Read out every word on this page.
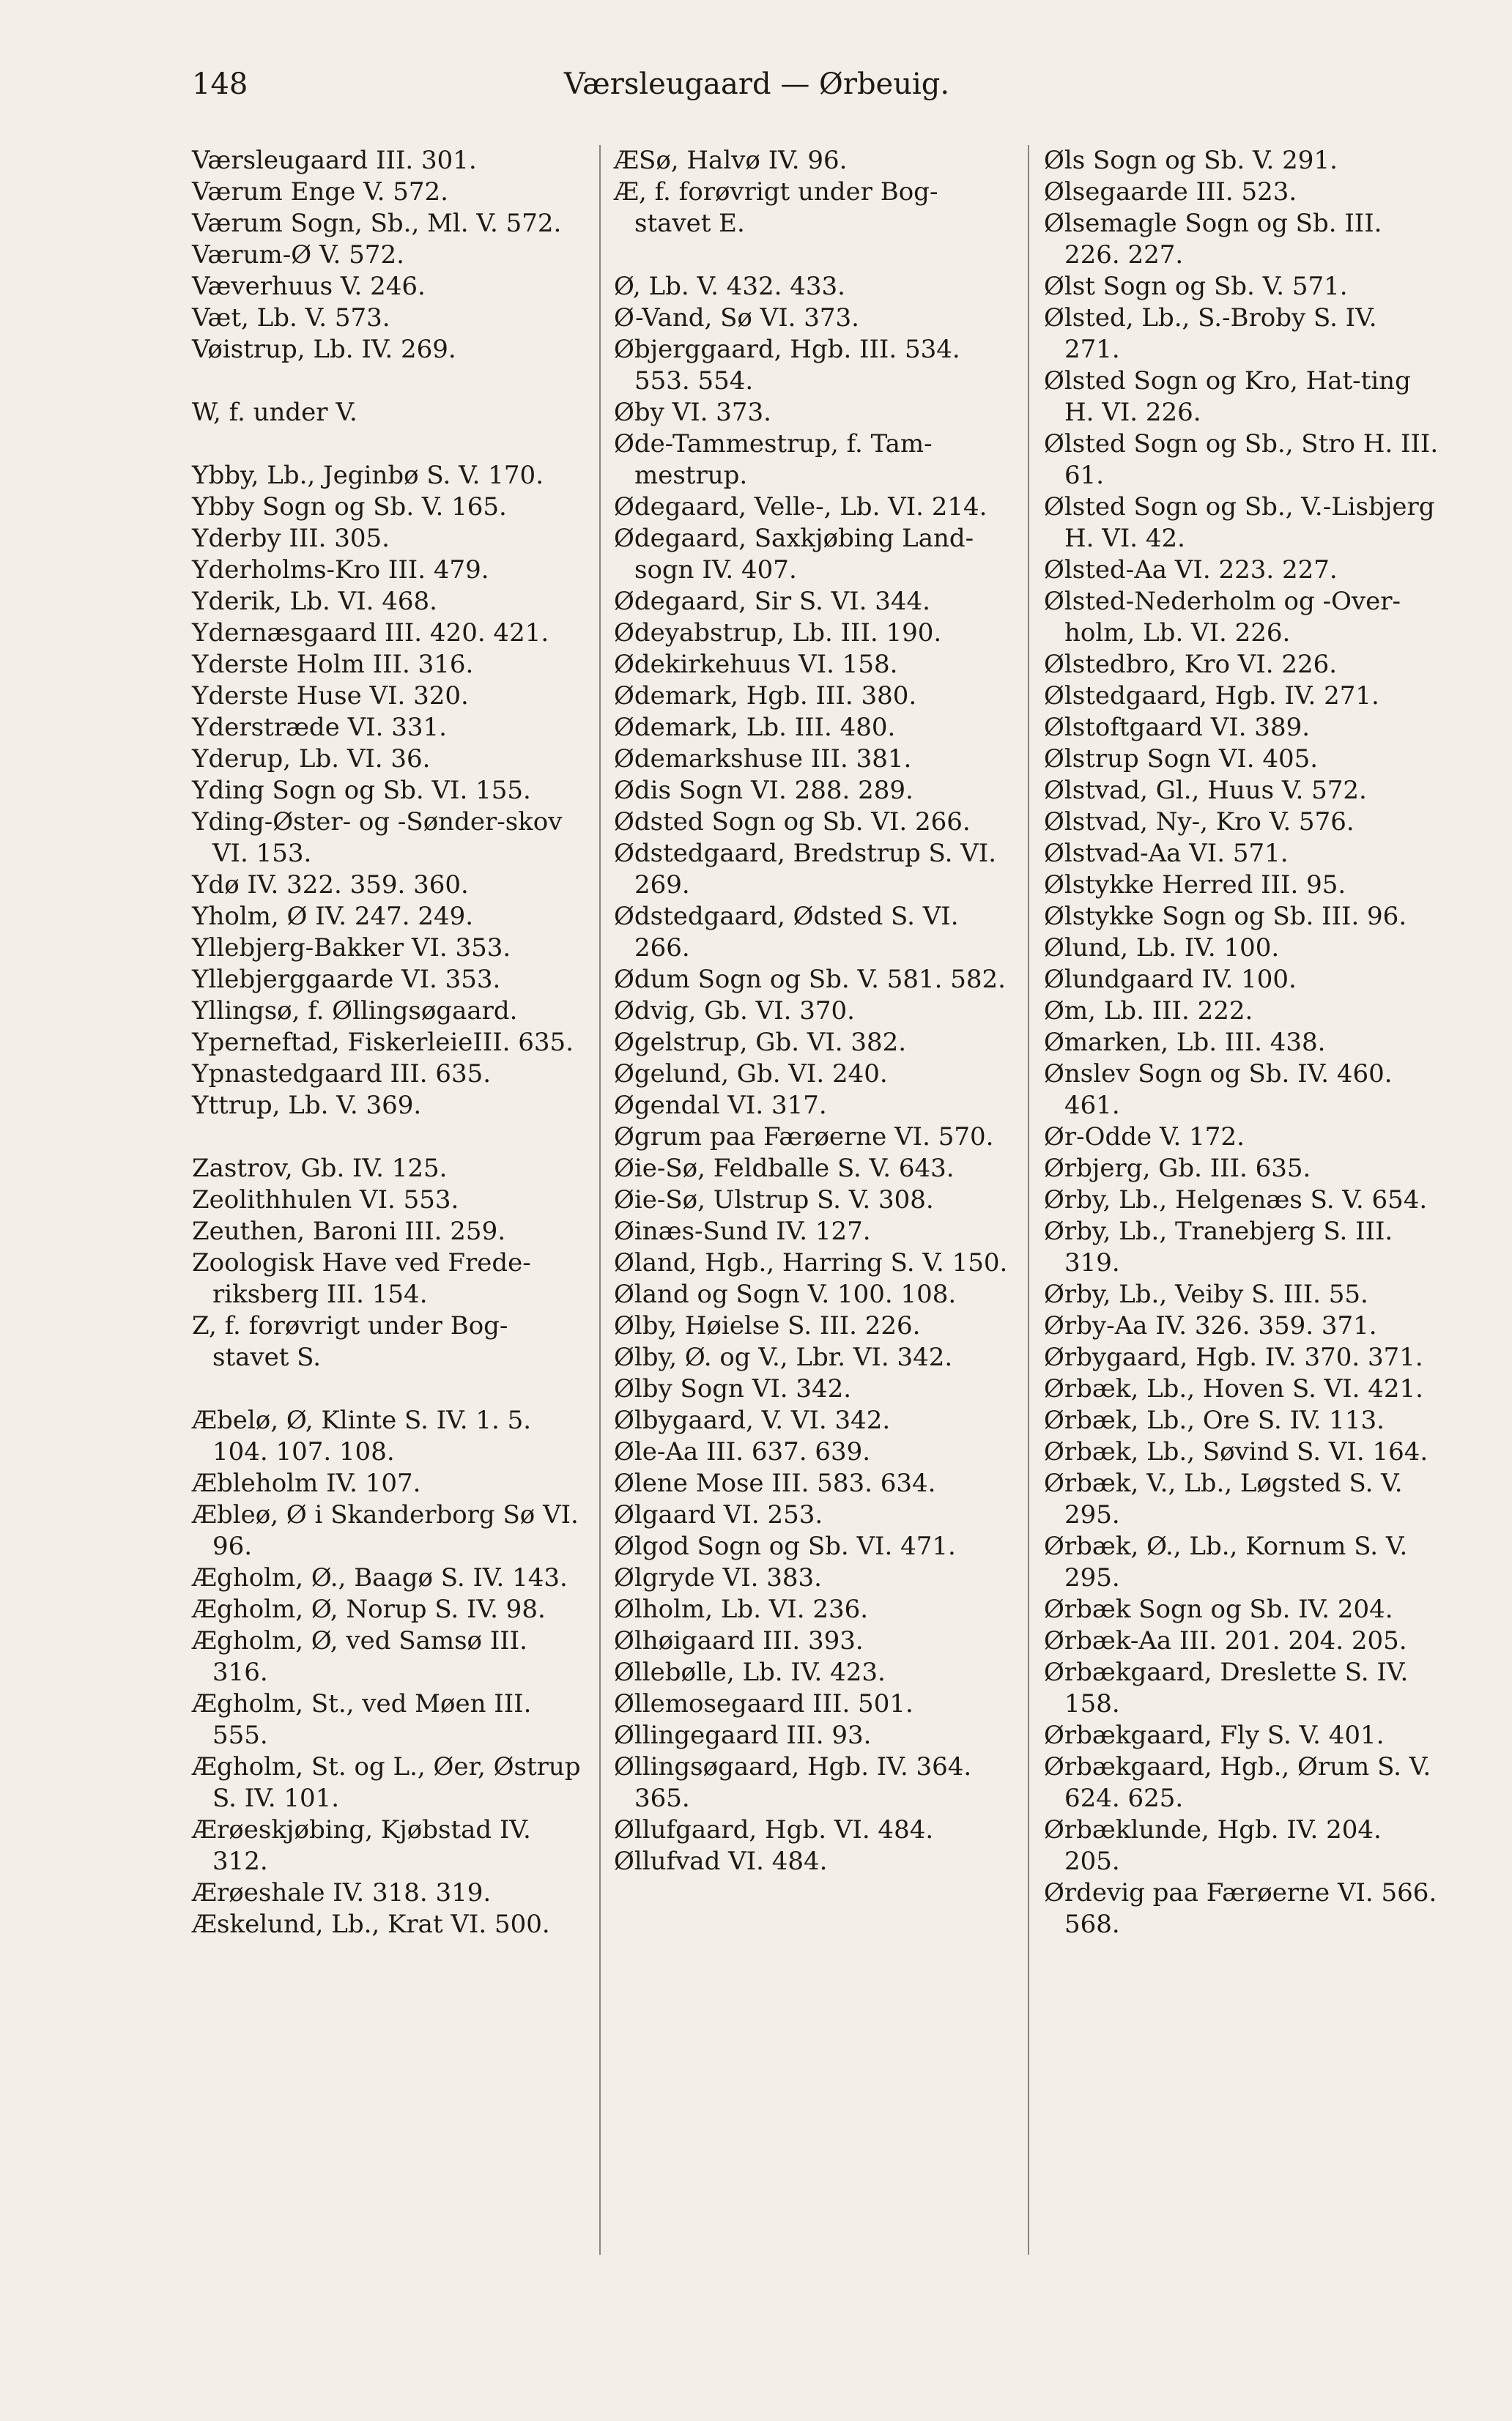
148	Værsleugaard — Ørbeuig.

Værsleugaard III. 301.

Værum Enge V. 572.

Værum Sogn, Sb., Ml. V. 572.

Værum-Ø V. 572.

Væverhuus V. 246.

Væt, Lb. V. 573.

Vøistrup, Lb. IV. 269.

W, f. under V.

Ybby, Lb., Jeginbø S. V. 170.

Ybby Sogn og Sb. V. 165.

Yderby III. 305.

Yderholms-Kro III. 479.

Yderik, Lb. VI. 468.

Ydernæsgaard III. 420. 421.

Yderste Holm III. 316.

Yderste Huse VI. 320.

Yderstræde VI. 331.

Yderup, Lb. VI. 36.

Yding Sogn og Sb. VI. 155.

Yding-Øster- og -Sønder-skov VI. 153.

Ydø IV. 322. 359. 360.

Yholm, Ø IV. 247. 249.

Yllebjerg-Bakker VI. 353.

Yllebjerggaarde VI. 353.

Yllingsø, f. Øllingsøgaard.

Yperneftad, FiskerleieIII. 635.

Ypnastedgaard III. 635.

Yttrup, Lb. V. 369.

Zastrov, Gb. IV. 125.

Zeolithhulen VI. 553.

Zeuthen, Baroni III. 259.

Zoologisk Have ved Frede-riksberg III. 154.

Z, f. forøvrigt under Bog-stavet S.

Æbelø, Ø, Klinte S. IV. 1. 5. 104. 107. 108.

Æbleholm IV. 107.

Æbleø, Ø i Skanderborg Sø VI. 96.

Ægholm, Ø., Baagø S. IV. 143.

Ægholm, Ø, Norup S. IV. 98.

Ægholm, Ø, ved Samsø III. 316.

Ægholm, St., ved Møen III. 555.

Ægholm, St. og L., Øer, Østrup S. IV. 101.

Ærøeskjøbing, Kjøbstad IV. 312.

Ærøeshale IV. 318. 319.

Æskelund, Lb., Krat VI. 500.

ÆSø, Halvø IV. 96.

Æ, f. forøvrigt under Bog-stavet E.

Ø, Lb. V. 432. 433.

Ø-Vand, Sø VI. 373.

Øbjerggaard, Hgb. III. 534. 553. 554.

Øby VI. 373.

Øde-Tammestrup, f. Tam-mestrup.

Ødegaard, Velle-, Lb. VI. 214.

Ødegaard, Saxkjøbing Land-sogn IV. 407.

Ødegaard, Sir S. VI. 344.

Ødeyabstrup, Lb. III. 190.

Ødekirkehuus VI. 158.

Ødemark, Hgb. III. 380.

Ødemark, Lb. III. 480.

Ødemarkshuse III. 381.

Ødis Sogn VI. 288. 289.

Ødsted Sogn og Sb. VI. 266.

Ødstedgaard, Bredstrup S. VI. 269.

Ødstedgaard, Ødsted S. VI. 266.

Ødum Sogn og Sb. V. 581. 582.

Ødvig, Gb. VI. 370.

Øgelstrup, Gb. VI. 382.

Øgelund, Gb. VI. 240.

Øgendal VI. 317.

Øgrum paa Færøerne VI. 570.

Øie-Sø, Feldballe S. V. 643.

Øie-Sø, Ulstrup S. V. 308.

Øinæs-Sund IV. 127.

Øland, Hgb., Harring S. V. 150.

Øland og Sogn V. 100. 108.

Ølby, Høielse S. III. 226.

Ølby, Ø. og V., Lbr. VI. 342.

Ølby Sogn VI. 342.

Ølbygaard, V. VI. 342.

Øle-Aa III. 637. 639.

Ølene Mose III. 583. 634.

Ølgaard VI. 253.

Ølgod Sogn og Sb. VI. 471.

Ølgryde VI. 383.

Ølholm, Lb. VI. 236.

Ølhøigaard III. 393.

Øllebølle, Lb. IV. 423.

Øllemosegaard III. 501.

Øllingegaard III. 93.

Øllingsøgaard, Hgb. IV. 364. 365.

Øllufgaard, Hgb. VI. 484.

Øllufvad VI. 484.

Øls Sogn og Sb. V. 291.

Ølsegaarde III. 523.

Ølsemagle Sogn og Sb. III. 226. 227.

Ølst Sogn og Sb. V. 571.

Ølsted, Lb., S.-Broby S. IV. 271.

Ølsted Sogn og Kro, Hat-ting H. VI. 226.

Ølsted Sogn og Sb., Stro H. III. 61.

Ølsted Sogn og Sb., V.-Lisbjerg H. VI. 42.

Ølsted-Aa VI. 223. 227.

Ølsted-Nederholm og -Over-holm, Lb. VI. 226.

Ølstedbro, Kro VI. 226.

Ølstedgaard, Hgb. IV. 271.

Ølstoftgaard VI. 389.

Ølstrup Sogn VI. 405.

Ølstvad, Gl., Huus V. 572.

Ølstvad, Ny-, Kro V. 576.

Ølstvad-Aa VI. 571.

Ølstykke Herred III. 95.

Ølstykke Sogn og Sb. III. 96.

Ølund, Lb. IV. 100.

Ølundgaard IV. 100.

Øm, Lb. III. 222.

Ømarken, Lb. III. 438.

Ønslev Sogn og Sb. IV. 460. 461.

Ør-Odde V. 172.

Ørbjerg, Gb. III. 635.

Ørby, Lb., Helgenæs S. V. 654.

Ørby, Lb., Tranebjerg S. III. 319.

Ørby, Lb., Veiby S. III. 55.

Ørby-Aa IV. 326. 359. 371.

Ørbygaard, Hgb. IV. 370. 371.

Ørbæk, Lb., Hoven S. VI. 421.

Ørbæk, Lb., Ore S. IV. 113.

Ørbæk, Lb., Søvind S. VI. 164.

Ørbæk, V., Lb., Løgsted S. V. 295.

Ørbæk, Ø., Lb., Kornum S. V. 295.

Ørbæk Sogn og Sb. IV. 204.

Ørbæk-Aa III. 201. 204. 205.

Ørbækgaard, Dreslette S. IV. 158.

Ørbækgaard, Fly S. V. 401.

Ørbækgaard, Hgb., Ørum S. V. 624. 625.

Ørbæklunde, Hgb. IV. 204. 205.

Ørdevig paa Færøerne VI. 566. 568.
